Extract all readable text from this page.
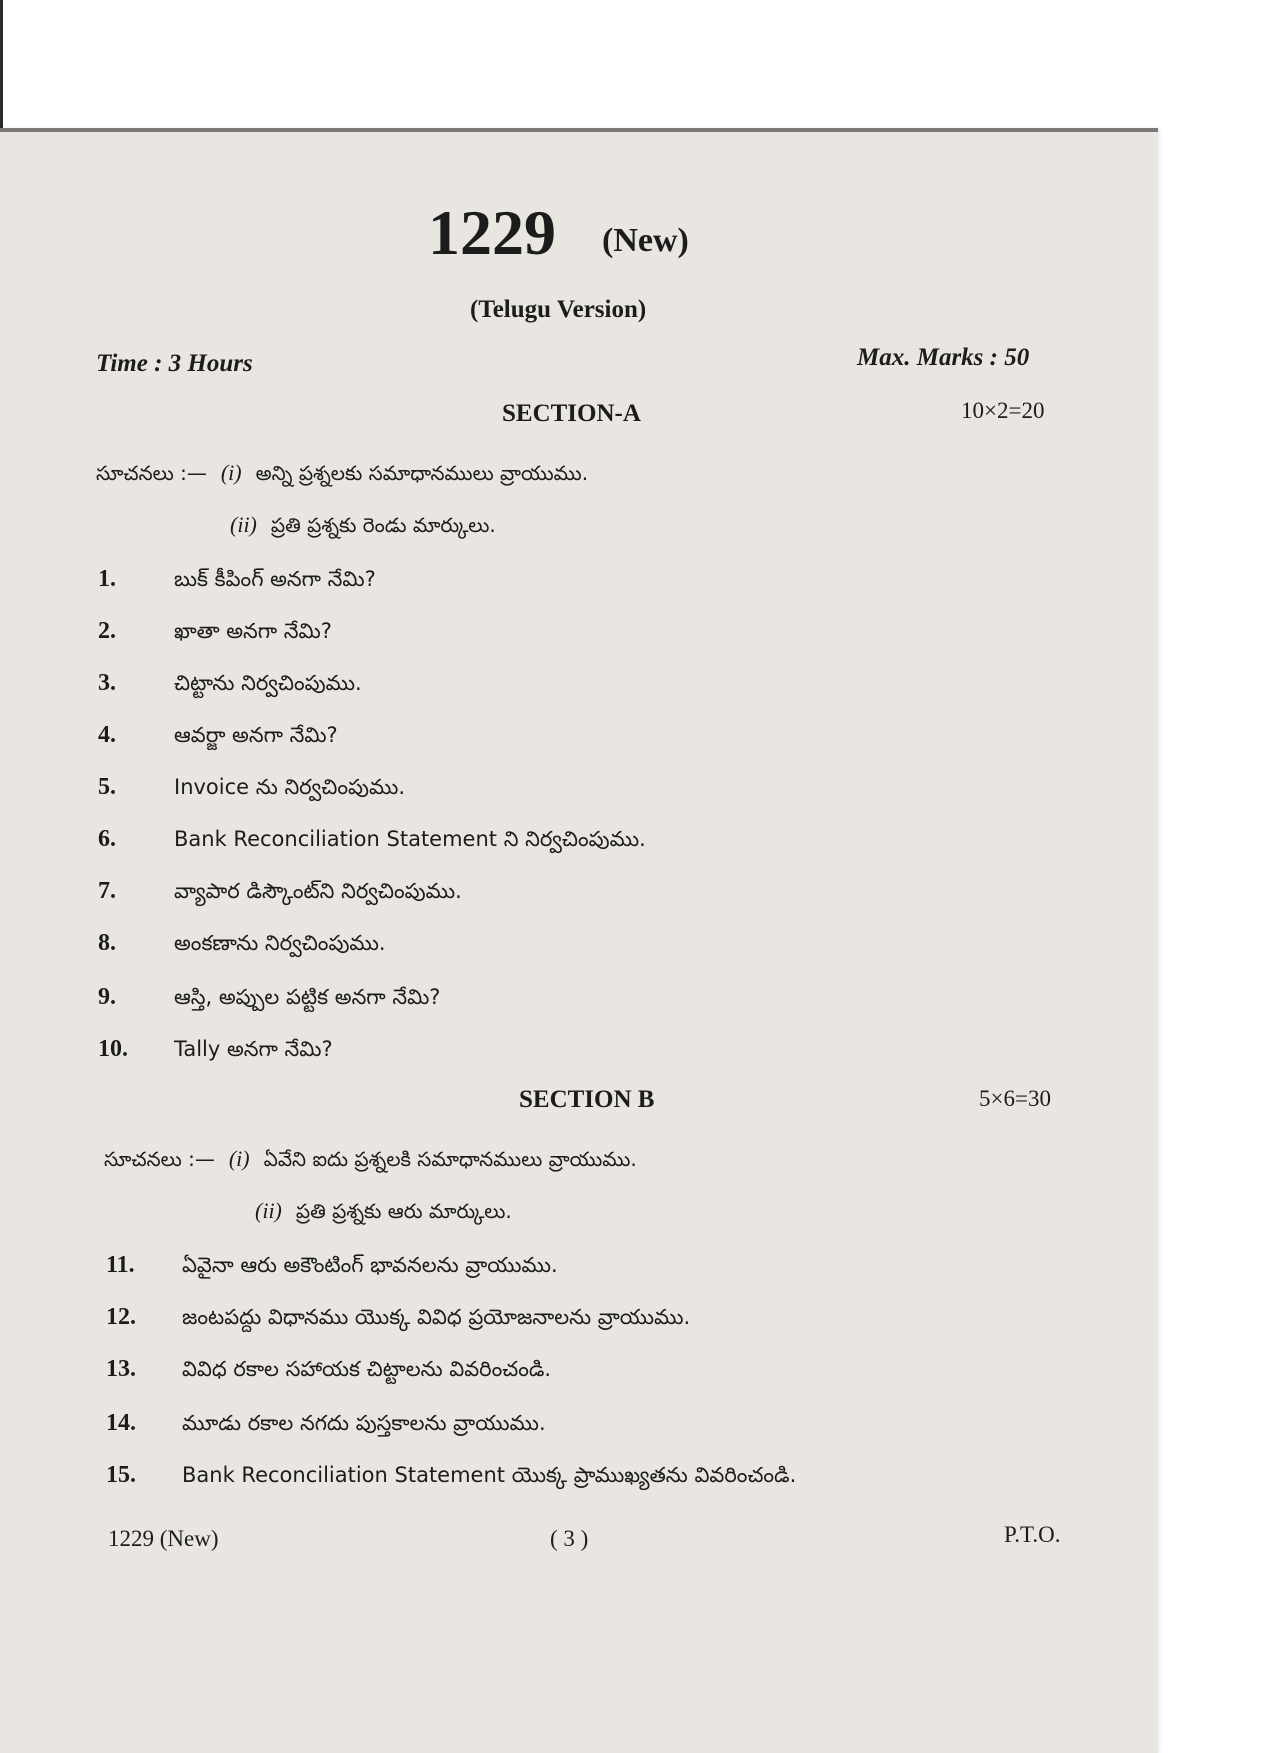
1229 (New)
(Telugu Version)
Time : 3 Hours	Max. Marks : 50
SECTION-A	10×2=20
సూచనలు :— (i) అన్ని ప్రశ్నలకు సమాధానములు వ్రాయుము.
(ii) ప్రతి ప్రశ్నకు రెండు మార్కులు.
1.	బుక్ కీపింగ్ అనగా నేమి?
2.	ఖాతా అనగా నేమి?
3.	చిట్టాను నిర్వచింపుము.
4.	ఆవర్జా అనగా నేమి?
5.	Invoice ను నిర్వచింపుము.
6.	Bank Reconciliation Statement ని నిర్వచింపుము.
7.	వ్యాపార డిస్కౌంట్‌ని నిర్వచింపుము.
8.	అంకణాను నిర్వచింపుము.
9.	ఆస్తి, అప్పుల పట్టిక అనగా నేమి?
10. Tally అనగా నేమి?
SECTION B	5×6=30
సూచనలు :— (i) ఏవేని ఐదు ప్రశ్నలకి సమాధానములు వ్రాయుము.
(ii) ప్రతి ప్రశ్నకు ఆరు మార్కులు.
11. ఏవైనా ఆరు అకౌంటింగ్ భావనలను వ్రాయుము.
12. జంటపద్దు విధానము యొక్క వివిధ ప్రయోజనాలను వ్రాయుము.
13. వివిధ రకాల సహాయక చిట్టాలను వివరించండి.
14. మూడు రకాల నగదు పుస్తకాలను వ్రాయుము.
15. Bank Reconciliation Statement యొక్క ప్రాముఖ్యతను వివరించండి.
1229 (New)	( 3 )	P.T.O.
